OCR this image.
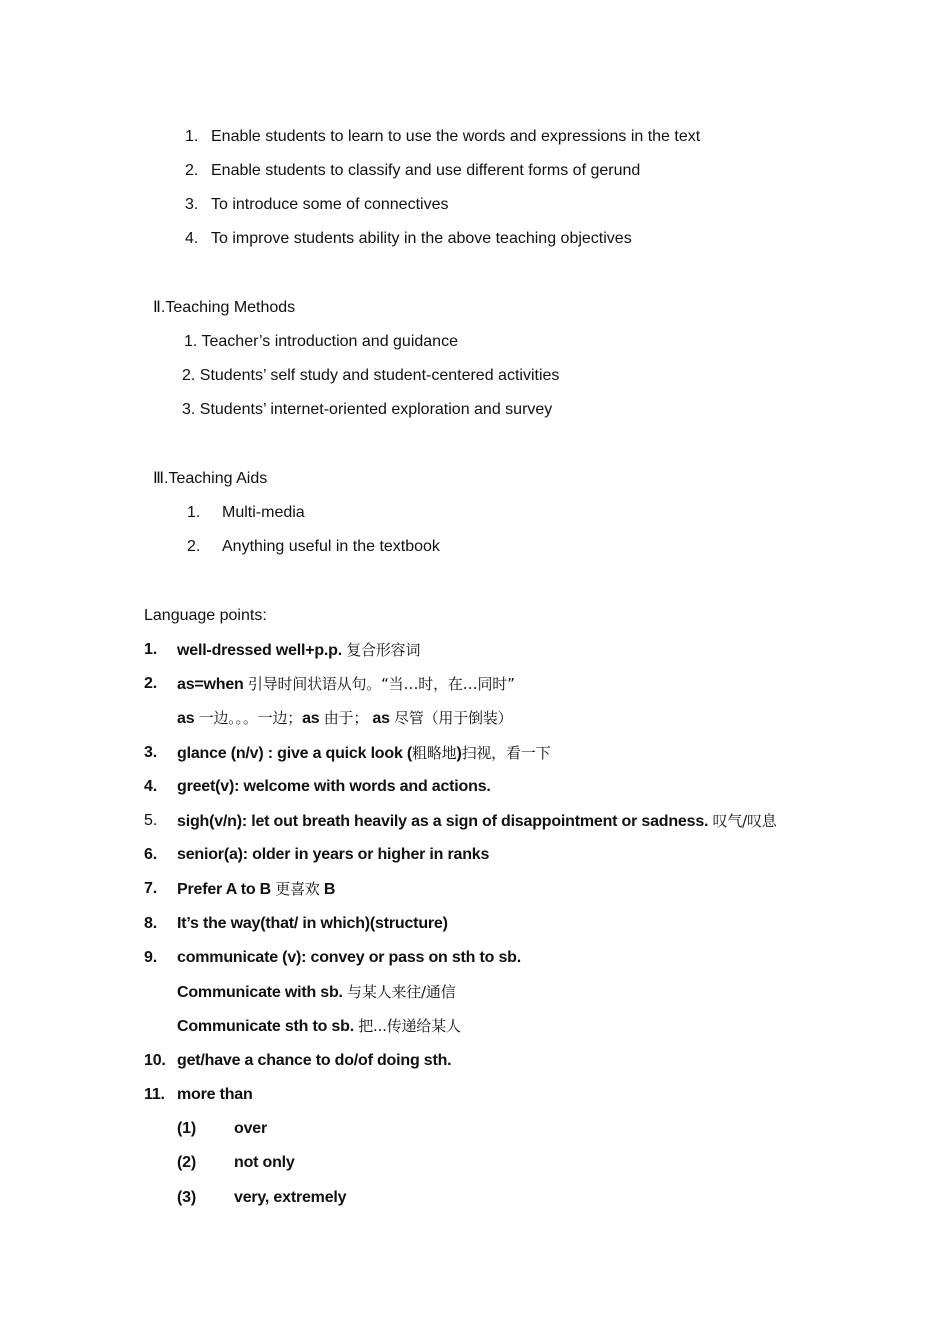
1. Enable students to learn to use the words and expressions in the text
2. Enable students to classify and use different forms of gerund
3. To introduce some of connectives
4. To improve students ability in the above teaching objectives
Ⅱ.Teaching Methods
1. Teacher’s introduction and guidance
2. Students’ self study and student-centered activities
3. Students’ internet-oriented exploration and survey
Ⅲ.Teaching Aids
1. Multi-media
2. Anything useful in the textbook
Language points:
1. well-dressed well+p.p. 复合形容词
2. as=when 引导时间状语从句。“当…时，在…同时”
as 一边。。。一边；as 由于； as 尽管（用于倒装）
3. glance (n/v) : give a quick look (粗略地)扫视，看一下
4. greet(v): welcome with words and actions.
5. sigh(v/n): let out breath heavily as a sign of disappointment or sadness. 叹气/叹息
6. senior(a): older in years or higher in ranks
7. Prefer A to B 更喜欢 B
8. It’s the way(that/ in which)(structure)
9. communicate (v): convey or pass on sth to sb.
Communicate with sb. 与某人来往/通信
Communicate sth to sb. 把...传递给某人
10. get/have a chance to do/of doing sth.
11. more than
(1) over
(2) not only
(3) very, extremely
